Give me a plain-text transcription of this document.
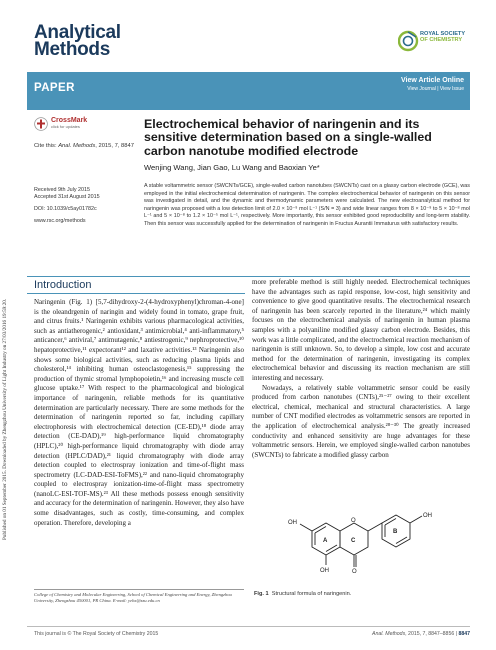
Published on 01 September 2015. Downloaded by Zhengzhou University of Light Industry on 27/03/2016 19:59:20.
Analytical
Methods
ROYAL SOCIETY
OF CHEMISTRY
PAPER
View Article Online
View Journal | View Issue
CrossMark
click for updates
Cite this: Anal. Methods, 2015, 7, 8847
Electrochemical behavior of naringenin and its sensitive determination based on a single-walled carbon nanotube modified electrode
Wenjing Wang, Jian Gao, Lu Wang and Baoxian Ye*
Received 9th July 2015
Accepted 31st August 2015
DOI: 10.1039/c5ay01782c
www.rsc.org/methods
A stable voltammetric sensor (SWCNTs/GCE), single-walled carbon nanotubes (SWCNTs) cast on a glassy carbon electrode (GCE), was employed in the initial electrochemical determination of naringenin. The complex electrochemical behavior of naringenin on this sensor was investigated in detail, and the dynamic and thermodynamic parameters were calculated. The new electroanalytical method for naringenin was proposed with a low detection limit of 2.0 × 10⁻⁹ mol L⁻¹ (S/N = 3) and wide linear ranges from 8 × 10⁻⁹ to 5 × 10⁻⁸ mol L⁻¹ and 5 × 10⁻⁸ to 1.2 × 10⁻⁵ mol L⁻¹, respectively. More importantly, this sensor exhibited good reproducibility and long-term stability. Then this sensor was successfully applied for the determination of naringenin in Fructus Aurantii Immaturus with satisfactory results.
Introduction
Naringenin (Fig. 1) [5,7-dihydroxy-2-(4-hydroxyphenyl)chroman-4-one] is the oleandrgenin of naringin and widely found in tomato, grape fruit, and citrus fruits.¹ Naringenin exhibits various pharmacological activities, such as antiatherogenic,² antioxidant,³ antimicrobial,⁴ anti-inflammatory,⁵ anticancer,⁶ antiviral,⁷ antimutagenic,⁸ antiestrogenic,⁹ nephroprotective,¹⁰ hepatoprotective,¹¹ expectorant¹² and laxative activities.¹³ Naringenin also shows some biological activities, such as reducing plasma lipids and cholesterol,¹⁴ inhibiting human osteoclastogenesis,¹⁵ suppressing the production of thymic stromal lymphopoietin,¹⁶ and increasing muscle cell glucose uptake.¹⁷ With respect to the pharmacological and biological importance of naringenin, reliable methods for its quantitative determination are particularly necessary. There are some methods for the determination of naringenin reported so far, including capillary electrophoresis with electrochemical detection (CE-ED),¹⁸ diode array detection (CE-DAD),¹⁹ high-performance liquid chromatography (HPLC),²⁰ high-performance liquid chromatography with diode array detection (HPLC/DAD),²¹ liquid chromatography with diode array detection coupled to electrospray ionization and time-of-flight mass spectrometry (LC-DAD-ESI-ToFMS),²² and nano-liquid chromatography coupled to electrospray ionization-time-of-flight mass spectrometry (nanoLC-ESI-TOF-MS).²³ All these methods possess enough sensitivity and accuracy for the determination of naringenin. However, they also have some disadvantages, such as costly, time-consuming, and complex operation. Therefore, developing a

more preferable method is still highly needed. Electrochemical techniques have the advantages such as rapid response, low-cost, high sensitivity and convenience to give good quantitative results. The electrochemical research of naringenin has been scarcely reported in the literature,²⁴ which mainly focuses on the electrochemical analysis of naringenin in human plasma samples with a polyaniline modified glassy carbon electrode. Besides, this work was a little complicated, and the electrochemical reaction mechanism of naringenin is still unknown. So, to develop a simple, low cost and accurate method for the determination of naringenin, investigating its complex electrochemical behavior and discussing its reaction mechanism are still interesting and necessary.

Nowadays, a relatively stable voltammetric sensor could be easily produced from carbon nanotubes (CNTs),²⁵⁻²⁷ owing to their excellent electrical, chemical, mechanical and structural characteristics. A large number of CNT modified electrodes as voltammetric sensors are reported in the application of electrochemical analysis.²⁸⁻³⁰ The greatly increased conductivity and enhanced sensitivity are huge advantages for these voltammetric sensors. Herein, we employed single-walled carbon nanotubes (SWCNTs) to fabricate a modified glassy carbon

College of Chemistry and Molecular Engineering, School of Chemical Engineering and Energy, Zhengzhou University, Zhengzhou 450001, PR China. E-mail: yebx@zzu.edu.cn
OH
OH
OH
O
O
A	C
B
Fig. 1 Structural formula of naringenin.
This journal is © The Royal Society of Chemistry 2015	Anal. Methods, 2015, 7, 8847–8856 | 8847
